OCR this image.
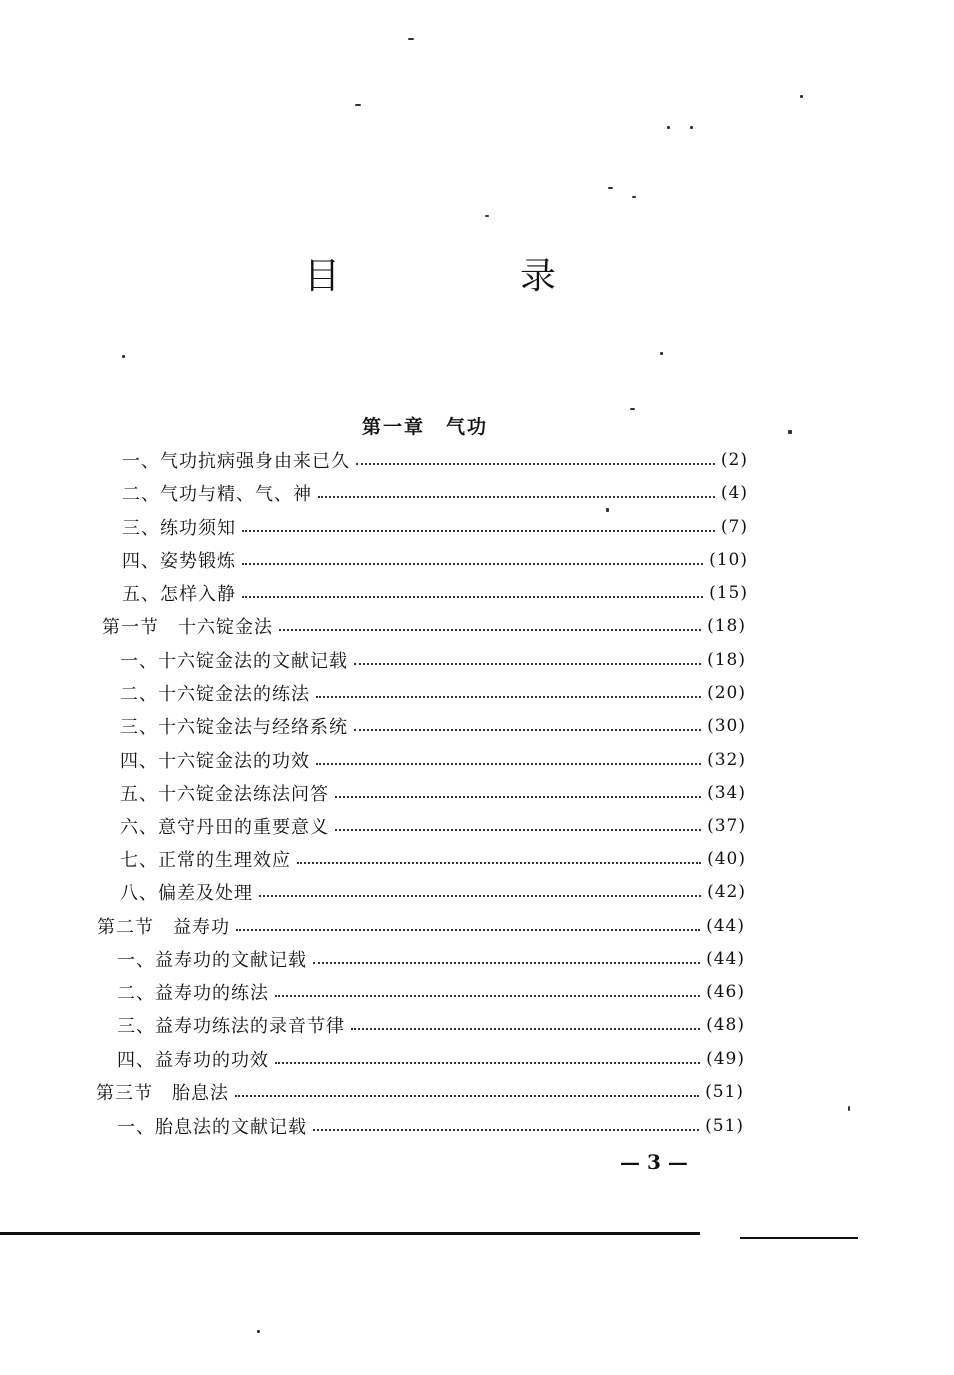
目　录
第一章　气功
一、气功抗病强身由来已久	(2)
二、气功与精、气、神	(4)
三、练功须知	(7)
四、姿势锻炼	(10)
五、怎样入静	(15)
第一节　十六锭金法	(18)
一、十六锭金法的文献记载	(18)
二、十六锭金法的练法	(20)
三、十六锭金法与经络系统	(30)
四、十六锭金法的功效	(32)
五、十六锭金法练法问答	(34)
六、意守丹田的重要意义	(37)
七、正常的生理效应	(40)
八、偏差及处理	(42)
第二节　益寿功	(44)
一、益寿功的文献记载	(44)
二、益寿功的练法	(46)
三、益寿功练法的录音节律	(48)
四、益寿功的功效	(49)
第三节　胎息法	(51)
一、胎息法的文献记载	(51)
— 3 —
